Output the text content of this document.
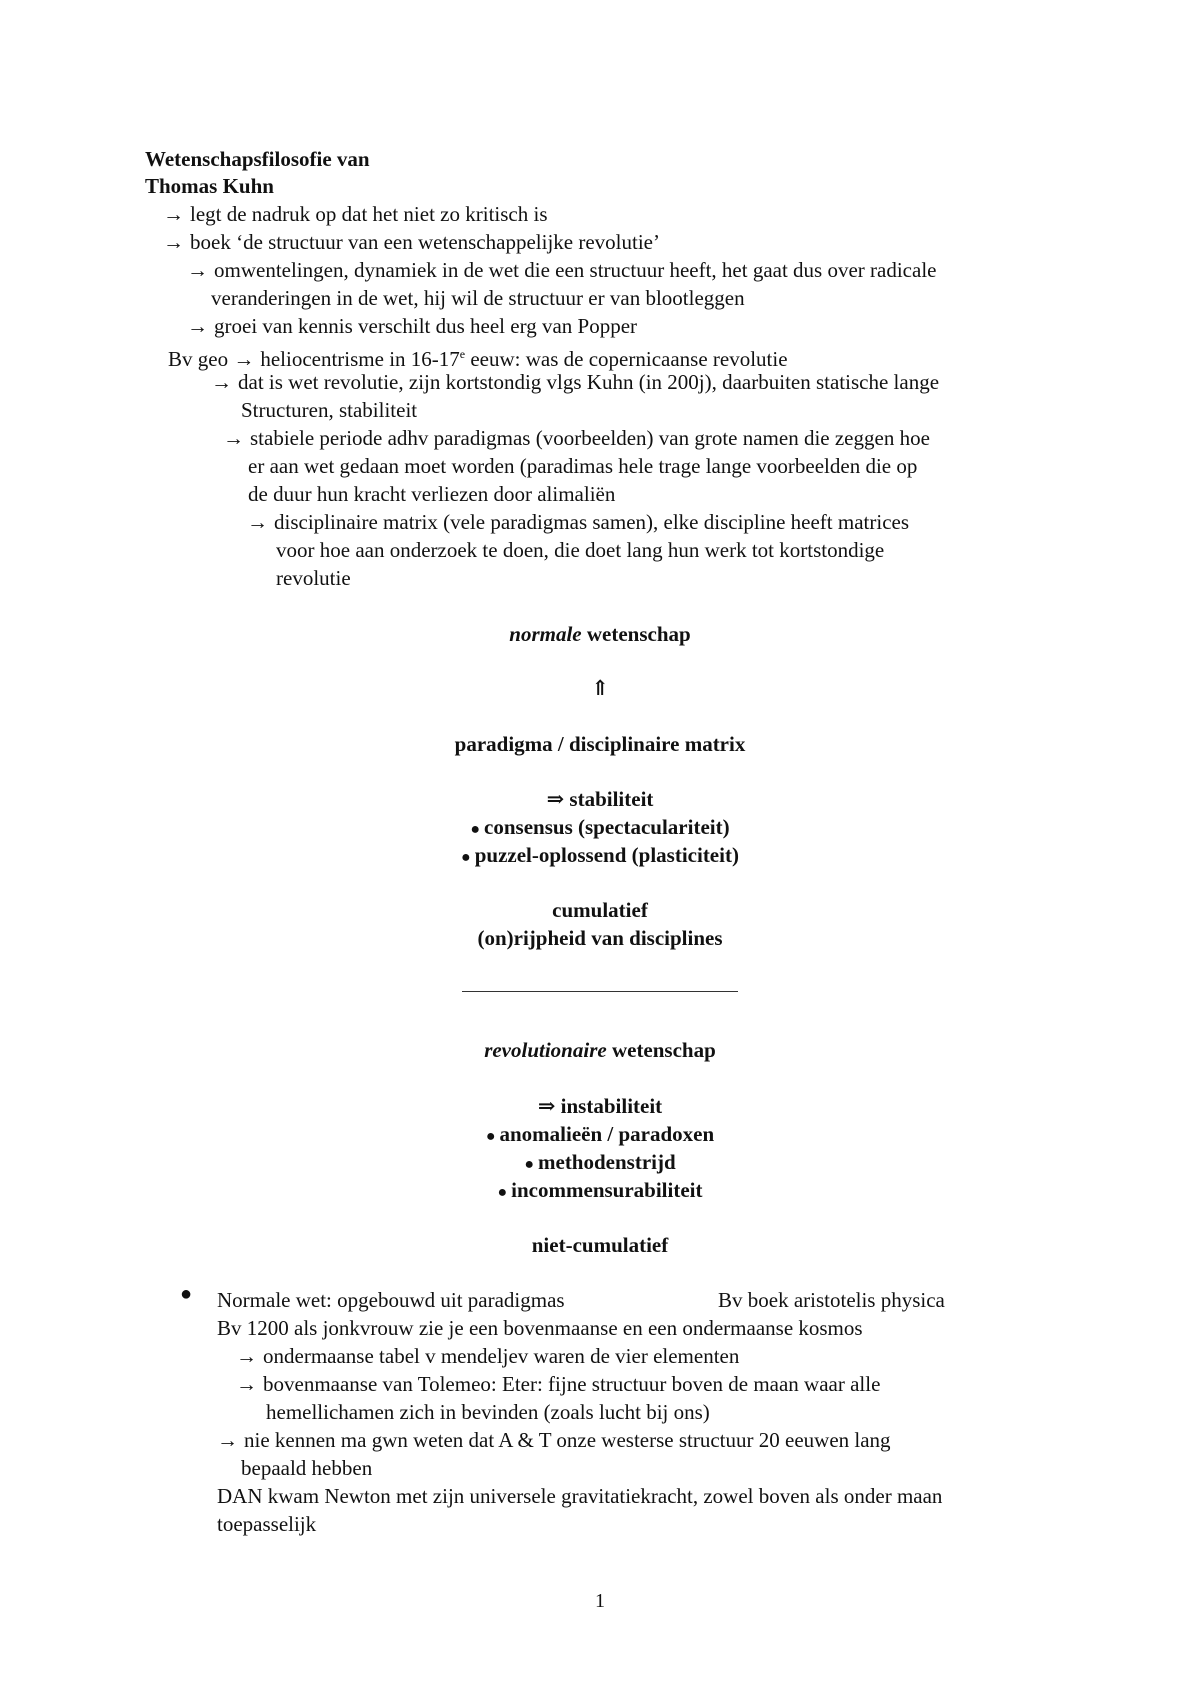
Wetenschapsfilosofie van
Thomas Kuhn
→ legt de nadruk op dat het niet zo kritisch is
→ boek ‘de structuur van een wetenschappelijke revolutie’
→ omwentelingen, dynamiek in de wet die een structuur heeft, het gaat dus over radicale
veranderingen in de wet, hij wil de structuur er van blootleggen
→ groei van kennis verschilt dus heel erg van Popper
Bv geo → heliocentrisme in 16-17e eeuw: was de copernicaanse revolutie
→ dat is wet revolutie, zijn kortstondig vlgs Kuhn (in 200j), daarbuiten statische lange
Structuren, stabiliteit
→ stabiele periode adhv paradigmas (voorbeelden) van grote namen die zeggen hoe
er aan wet gedaan moet worden (paradimas hele trage lange voorbeelden die op
de duur hun kracht verliezen door alimaliën
→ disciplinaire matrix (vele paradigmas samen), elke discipline heeft matrices
voor hoe aan onderzoek te doen, die doet lang hun werk tot kortstondige
revolutie
normale wetenschap
⇑
paradigma / disciplinaire matrix
⇒ stabiliteit
● consensus (spectaculariteit)
● puzzel-oplossend (plasticiteit)
cumulatief
(on)rijpheid van disciplines
revolutionaire wetenschap
⇒ instabiliteit
● anomalieën / paradoxen
● methodenstrijd
● incommensurabiliteit
niet-cumulatief
● Normale wet: opgebouwd uit paradigmas	Bv boek aristotelis physica
Bv 1200 als jonkvrouw zie je een bovenmaanse en een ondermaanse kosmos
→ ondermaanse tabel v mendeljev waren de vier elementen
→ bovenmaanse van Tolemeo: Eter: fijne structuur boven de maan waar alle
hemellichamen zich in bevinden (zoals lucht bij ons)
→ nie kennen ma gwn weten dat A & T onze westerse structuur 20 eeuwen lang
bepaald hebben
DAN kwam Newton met zijn universele gravitatiekracht, zowel boven als onder maan
toepasselijk
1
